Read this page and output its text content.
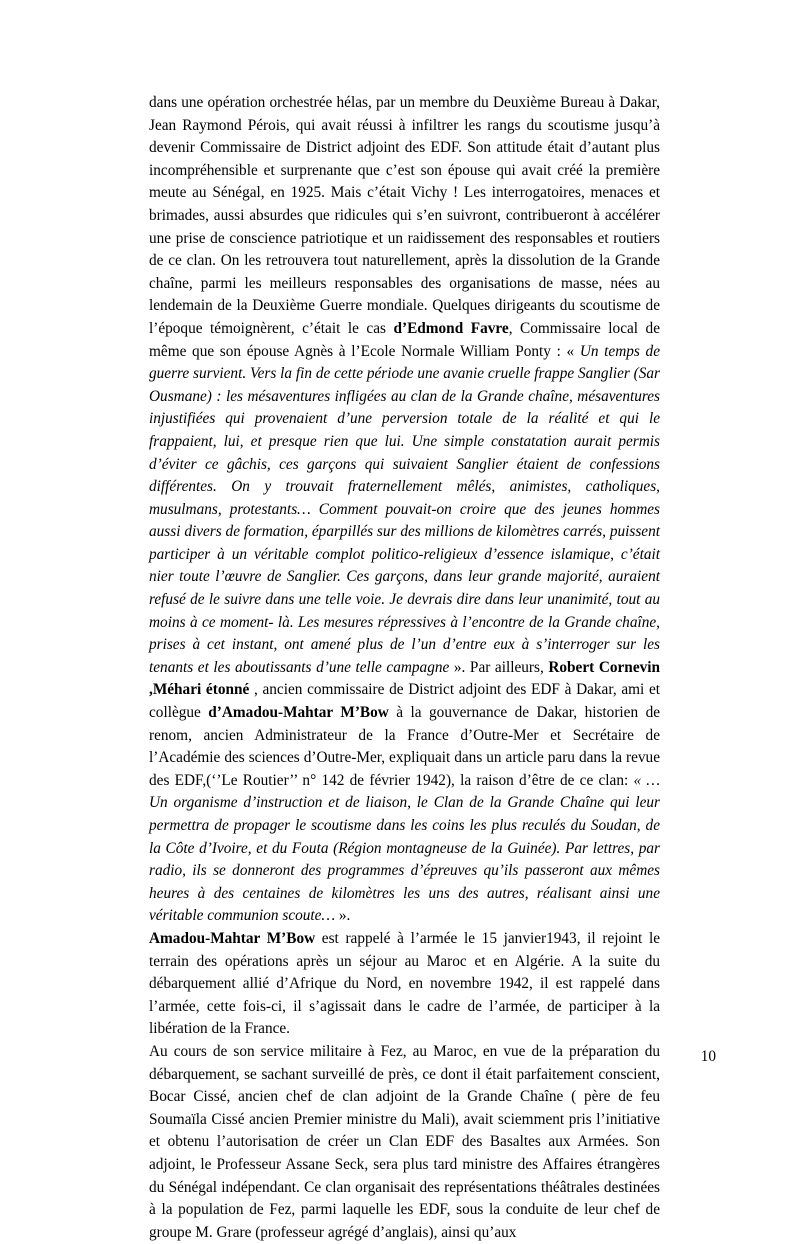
dans une opération orchestrée hélas, par un membre du Deuxième Bureau à Dakar, Jean Raymond Pérois, qui avait réussi à infiltrer les rangs du scoutisme jusqu’à devenir Commissaire de District adjoint des EDF. Son attitude était d’autant plus incompréhensible et surprenante que c’est son épouse qui avait créé la première meute au Sénégal, en 1925. Mais c’était Vichy ! Les interrogatoires, menaces et brimades, aussi absurdes que ridicules qui s’en suivront, contribueront à accélérer une prise de conscience patriotique et un raidissement des responsables et routiers de ce clan. On les retrouvera tout naturellement, après la dissolution de la Grande chaîne, parmi les meilleurs responsables des organisations de masse, nées au lendemain de la Deuxième Guerre mondiale. Quelques dirigeants du scoutisme de l’époque témoignèrent, c’était le cas d’Edmond Favre, Commissaire local de même que son épouse Agnès à l’Ecole Normale William Ponty : « Un temps de guerre survient. Vers la fin de cette période une avanie cruelle frappe Sanglier (Sar Ousmane) : les mésaventures infligées au clan de la Grande chaîne, mésaventures injustifiées qui provenaient d’une perversion totale de la réalité et qui le frappaient, lui, et presque rien que lui. Une simple constatation aurait permis d’éviter ce gâchis, ces garçons qui suivaient Sanglier étaient de confessions différentes. On y trouvait fraternellement mêlés, animistes, catholiques, musulmans, protestants… Comment pouvait-on croire que des jeunes hommes aussi divers de formation, éparpillés sur des millions de kilomètres carrés, puissent participer à un véritable complot politico-religieux d’essence islamique, c’était nier toute l’œuvre de Sanglier. Ces garçons, dans leur grande majorité, auraient refusé de le suivre dans une telle voie. Je devrais dire dans leur unanimité, tout au moins à ce moment- là. Les mesures répressives à l’encontre de la Grande chaîne, prises à cet instant, ont amené plus de l’un d’entre eux à s’interroger sur les tenants et les aboutissants d’une telle campagne ». Par ailleurs, Robert Cornevin ,Méhari étonné , ancien commissaire de District adjoint des EDF à Dakar, ami et collègue d’Amadou-Mahtar M’Bow à la gouvernance de Dakar, historien de renom, ancien Administrateur de la France d’Outre-Mer et Secrétaire de l’Académie des sciences d’Outre-Mer, expliquait dans un article paru dans la revue des EDF,(‘’Le Routier’’ n° 142 de février 1942), la raison d’être de ce clan: « … Un organisme d’instruction et de liaison, le Clan de la Grande Chaîne qui leur permettra de propager le scoutisme dans les coins les plus reculés du Soudan, de la Côte d’Ivoire, et du Fouta (Région montagneuse de la Guinée). Par lettres, par radio, ils se donneront des programmes d’épreuves qu’ils passeront aux mêmes heures à des centaines de kilomètres les uns des autres, réalisant ainsi une véritable communion scoute… ».

Amadou-Mahtar M’Bow est rappelé à l’armée le 15 janvier1943, il rejoint le terrain des opérations après un séjour au Maroc et en Algérie. A la suite du débarquement allié d’Afrique du Nord, en novembre 1942, il est rappelé dans l’armée, cette fois-ci, il s’agissait dans le cadre de l’armée, de participer à la libération de la France.

Au cours de son service militaire à Fez, au Maroc, en vue de la préparation du débarquement, se sachant surveillé de près, ce dont il était parfaitement conscient, Bocar Cissé, ancien chef de clan adjoint de la Grande Chaîne ( père de feu Soumaïla Cissé ancien Premier ministre du Mali), avait sciemment pris l’initiative et obtenu l’autorisation de créer un Clan EDF des Basaltes aux Armées. Son adjoint, le Professeur Assane Seck, sera plus tard ministre des Affaires étrangères du Sénégal indépendant. Ce clan organisait des représentations théâtrales destinées à la population de Fez, parmi laquelle les EDF, sous la conduite de leur chef de groupe M. Grare (professeur agrégé d’anglais), ainsi qu’aux

10
